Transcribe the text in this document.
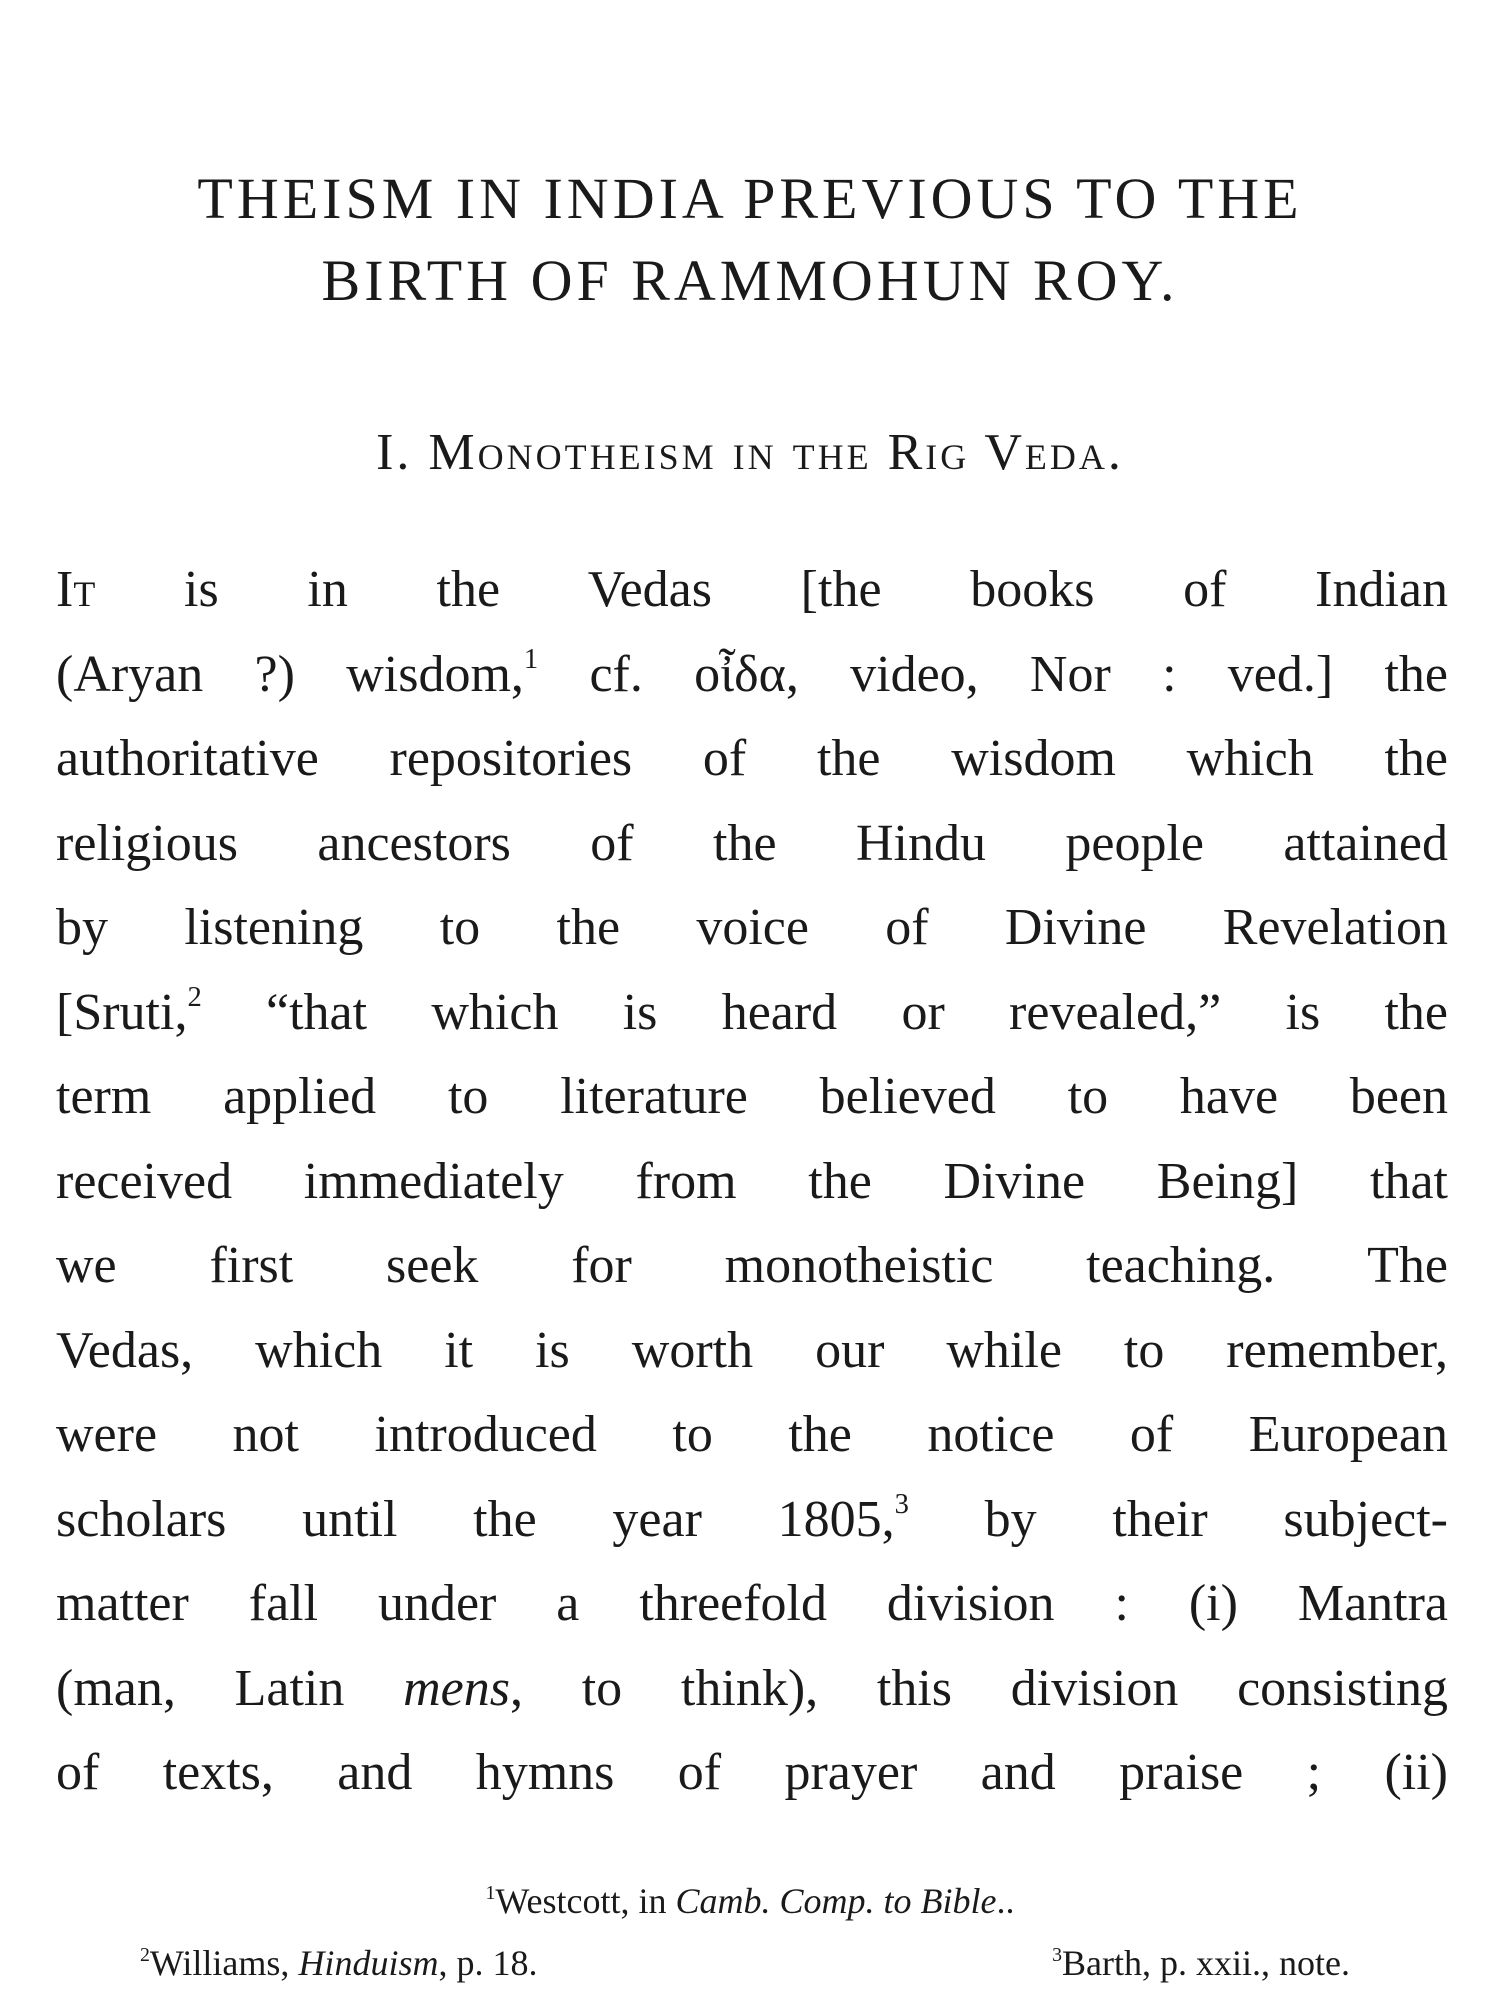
THEISM IN INDIA PREVIOUS TO THE
BIRTH OF RAMMOHUN ROY.
I. Monotheism in the Rig Veda.
It is in the Vedas [the books of Indian
(Aryan ?) wisdom,$^1$ cf. οἶδα, video, Nor : ved.] the
authoritative repositories of the wisdom which the
religious ancestors of the Hindu people attained
by listening to the voice of Divine Revelation
[Sruti,$^2$ “that which is heard or revealed,” is the
term applied to literature believed to have been
received immediately from the Divine Being] that
we first seek for monotheistic teaching. The
Vedas, which it is worth our while to remember,
were not introduced to the notice of European
scholars until the year 1805,$^3$ by their subject-
matter fall under a threefold division : (i) Mantra
(man, Latin mens, to think), this division consisting
of texts, and hymns of prayer and praise ; (ii)
$^1$Westcott, in Camb. Comp. to Bible..
$^2$Williams, Hinduism, p. 18.	$^3$Barth, p. xxii., note.
